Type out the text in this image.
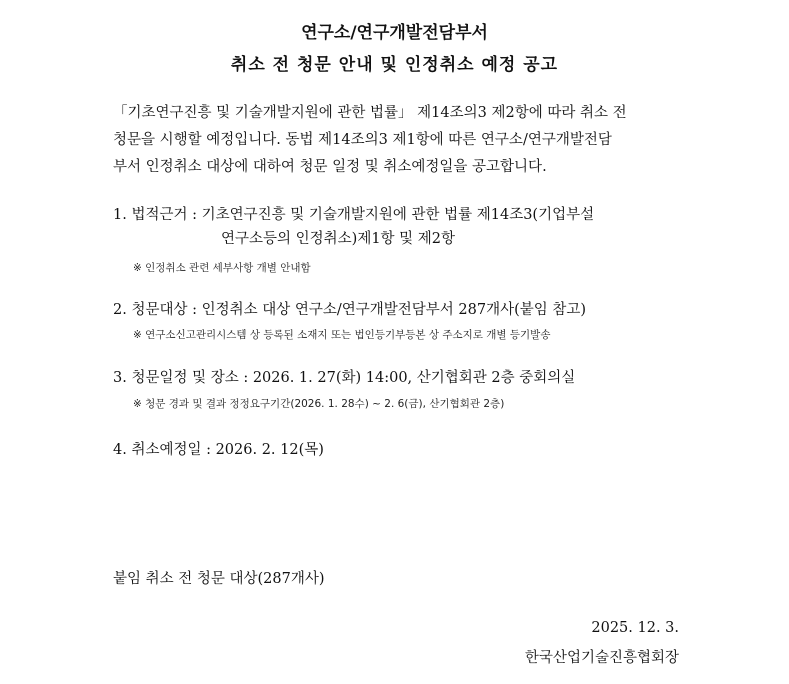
연구소/연구개발전담부서
취소 전 청문 안내 및 인정취소 예정 공고

「기초연구진흥 및 기술개발지원에 관한 법률」 제14조의3 제2항에 따라 취소 전

청문을 시행할 예정입니다. 동법 제14조의3 제1항에 따른 연구소/연구개발전담

부서 인정취소 대상에 대하여 청문 일정 및 취소예정일을 공고합니다.

1. 법적근거 : 기초연구진흥 및 기술개발지원에 관한 법률 제14조3(기업부설
연구소등의 인정취소)제1항 및 제2항
※ 인정취소 관련 세부사항 개별 안내함
2. 청문대상 : 인정취소 대상 연구소/연구개발전담부서 287개사(붙임 참고)
※ 연구소신고관리시스템 상 등록된 소재지 또는 법인등기부등본 상 주소지로 개별 등기발송
3. 청문일정 및 장소 : 2026. 1. 27(화) 14:00, 산기협회관 2층 중회의실
※ 청문 경과 및 결과 정정요구기간(2026. 1. 28수) ~ 2. 6(금), 산기협회관 2층)
4. 취소예정일 : 2026. 2. 12(목)
붙임 취소 전 청문 대상(287개사)
2025. 12. 3.
한국산업기술진흥협회장
